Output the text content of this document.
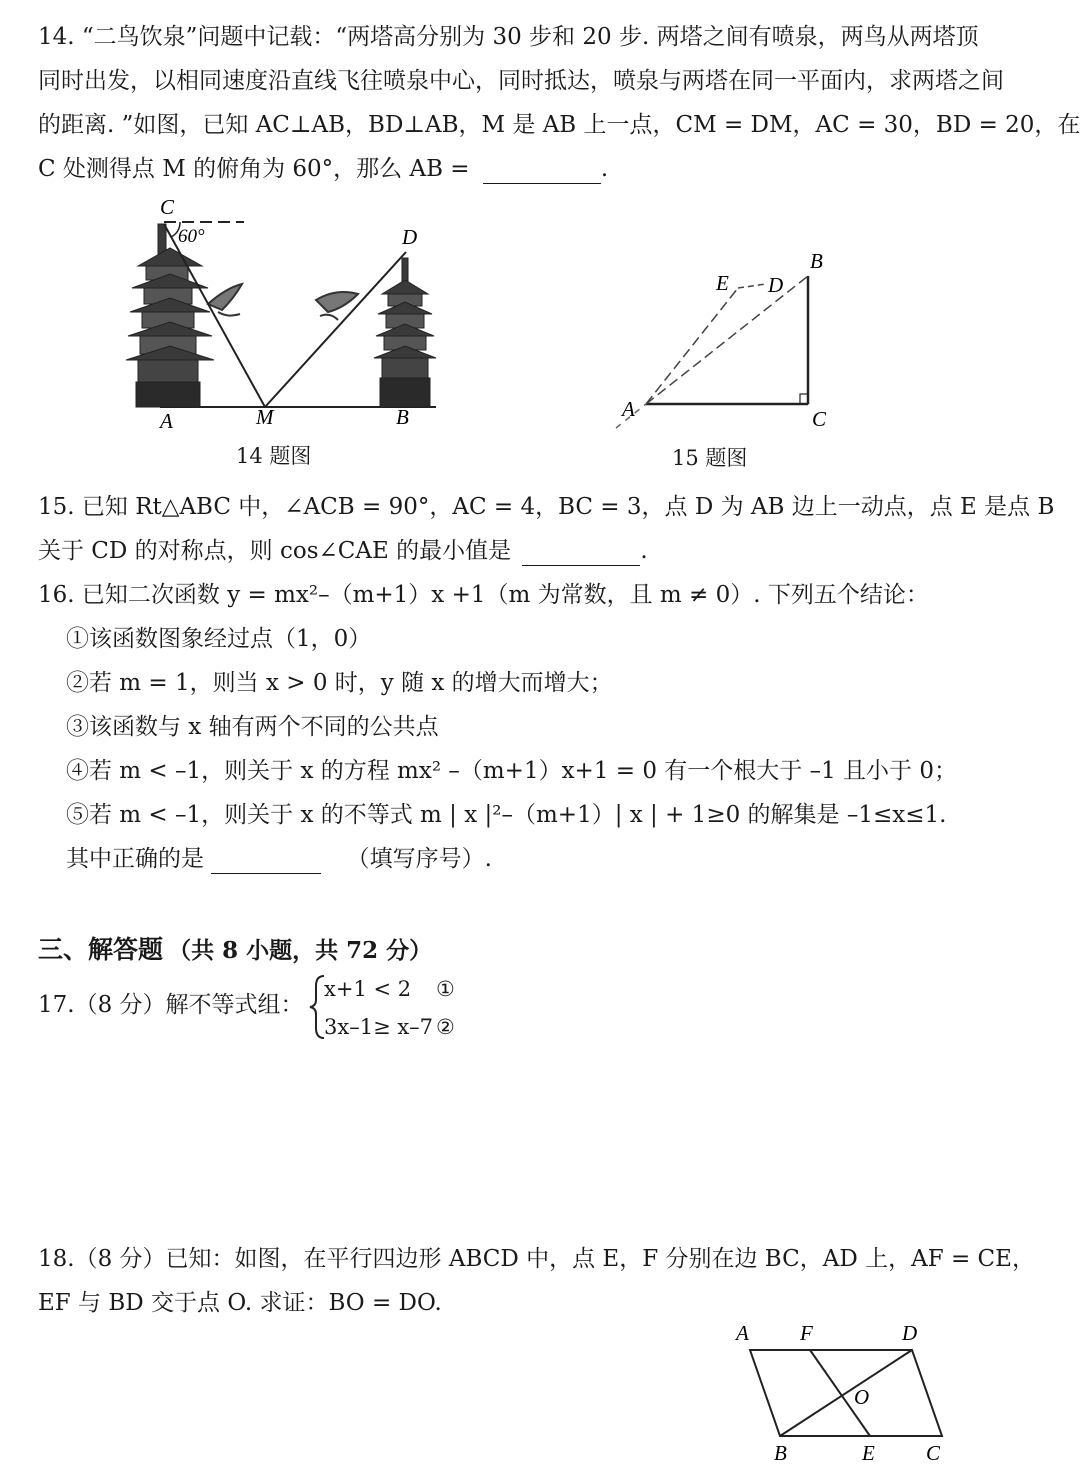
14. “二鸟饮泉”问题中记载：“两塔高分别为 30 步和 20 步. 两塔之间有喷泉，两鸟从两塔顶
同时出发，以相同速度沿直线飞往喷泉中心，同时抵达，喷泉与两塔在同一平面内，求两塔之间
的距离. ”如图，已知 AC⊥AB，BD⊥AB，M 是 AB 上一点，CM = DM，AC = 30，BD = 20，在
C 处测得点 M 的俯角为 60°，那么 AB =	.
C
60°	D
A	M	B
14 题图
A
B
C
D
E
15 题图
15. 已知 Rt△ABC 中，∠ACB = 90°，AC = 4，BC = 3，点 D 为 AB 边上一动点，点 E 是点 B
关于 CD 的对称点，则 cos∠CAE 的最小值是	.
16. 已知二次函数 y = mx²–（m+1）x +1（m 为常数，且 m ≠ 0）. 下列五个结论：
①该函数图象经过点（1，0）
②若 m = 1，则当 x > 0 时，y 随 x 的增大而增大；
③该函数与 x 轴有两个不同的公共点
④若 m < –1，则关于 x 的方程 mx² –（m+1）x+1 = 0 有一个根大于 –1 且小于 0；
⑤若 m < –1，则关于 x 的不等式 m | x |²–（m+1）| x | + 1≥0 的解集是 –1≤x≤1.
其中正确的是	（填写序号）.
三、解答题 （共 8 小题，共 72 分）
17.（8 分）解不等式组：
x+1 < 2 ①
3x–1≥ x–7 ②
18.（8 分）已知：如图，在平行四边形 ABCD 中，点 E，F 分别在边 BC，AD 上，AF = CE，
EF 与 BD 交于点 O. 求证：BO = DO.
A F	D
O
B	E C
